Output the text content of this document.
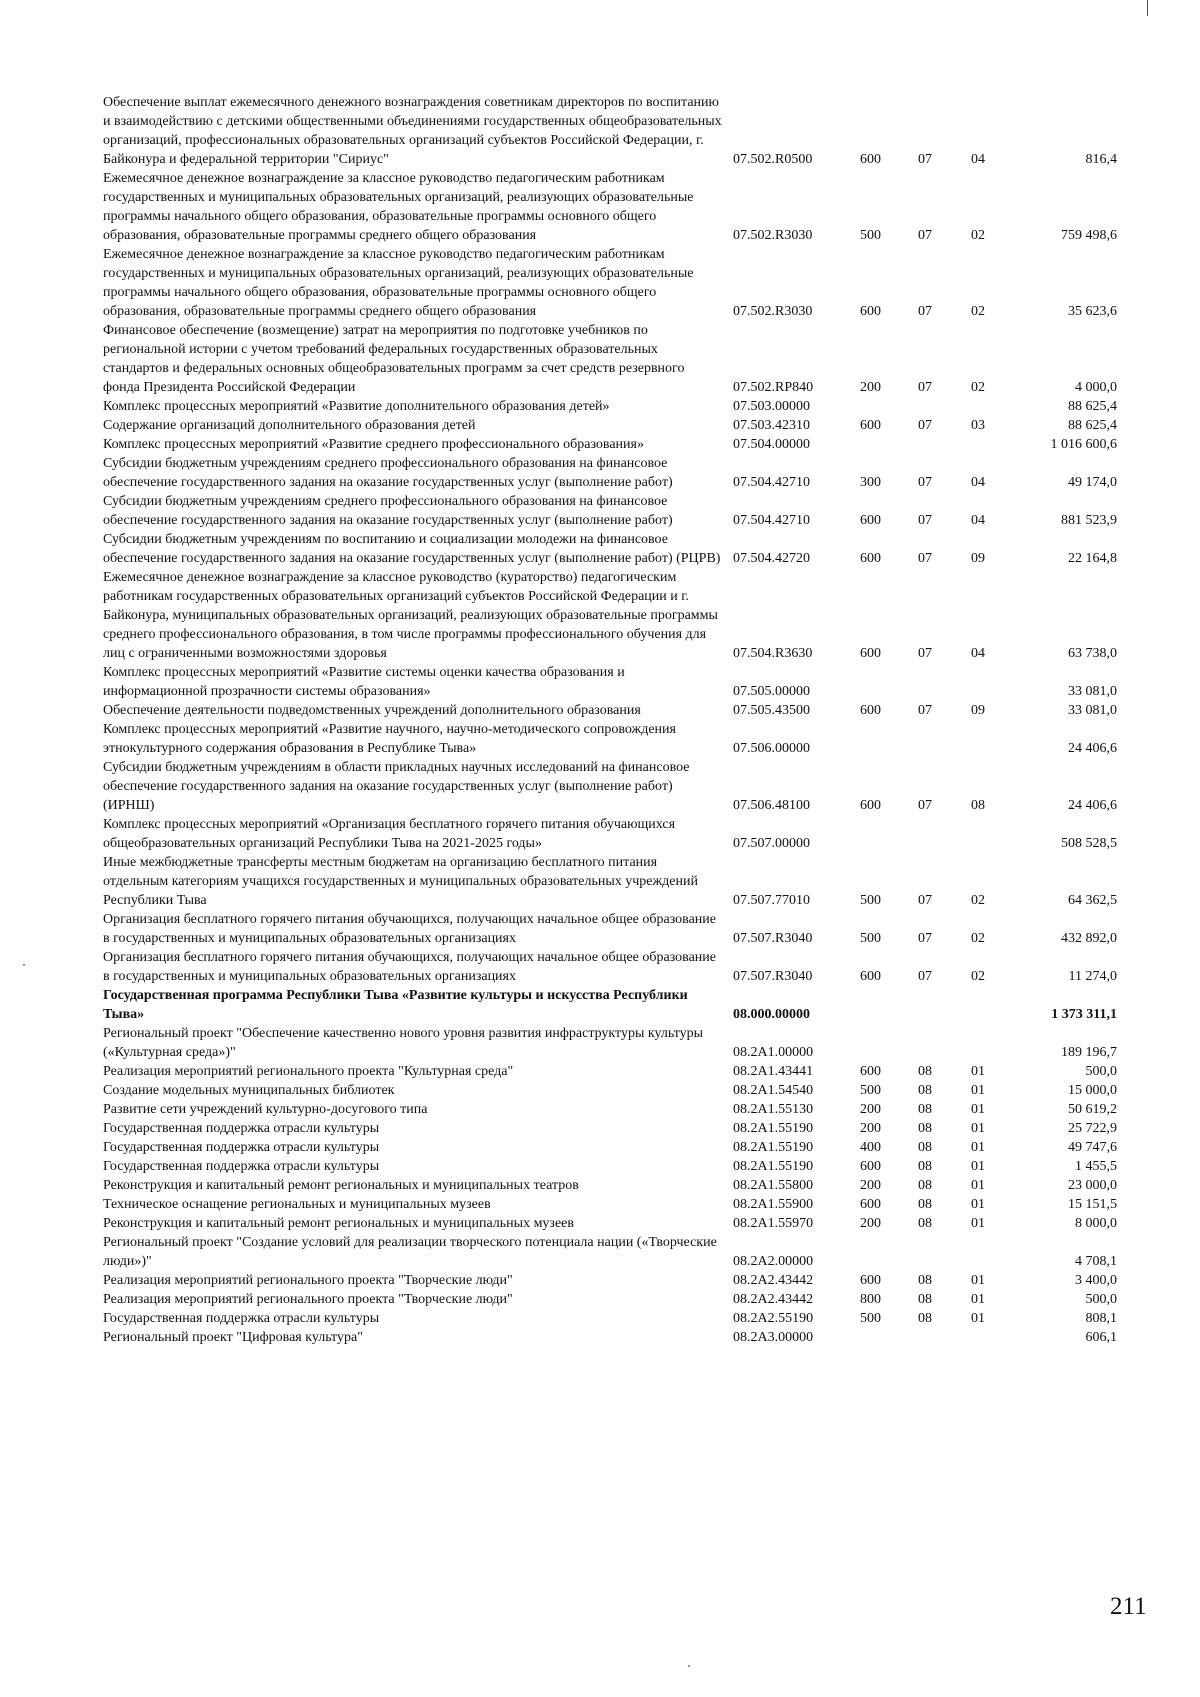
Обеспечение выплат ежемесячного денежного вознаграждения советникам директоров по воспитанию и взаимодействию с детскими общественными объединениями государственных общеобразовательных организаций, профессиональных образовательных организаций субъектов Российской Федерации, г. Байконура и федеральной территории "Сириус"	07.502.R0500	600	07	04	816,4
Ежемесячное денежное вознаграждение за классное руководство педагогическим работникам государственных и муниципальных образовательных организаций, реализующих образовательные программы начального общего образования, образовательные программы основного общего образования, образовательные программы среднего общего образования	07.502.R3030	500	07	02	759 498,6
Ежемесячное денежное вознаграждение за классное руководство педагогическим работникам государственных и муниципальных образовательных организаций, реализующих образовательные программы начального общего образования, образовательные программы основного общего образования, образовательные программы среднего общего образования	07.502.R3030	600	07	02	35 623,6
Финансовое обеспечение (возмещение) затрат на мероприятия по подготовке учебников по региональной истории с учетом требований федеральных государственных образовательных стандартов и федеральных основных общеобразовательных программ за счет средств резервного фонда Президента Российской Федерации	07.502.RP840	200	07	02	4 000,0
Комплекс процессных мероприятий «Развитие дополнительного образования детей»	07.503.00000				88 625,4
Содержание организаций дополнительного образования детей	07.503.42310	600	07	03	88 625,4
Комплекс процессных мероприятий «Развитие среднего профессионального образования»	07.504.00000				1 016 600,6
Субсидии бюджетным учреждениям среднего профессионального образования на финансовое обеспечение государственного задания на оказание государственных услуг (выполнение работ)	07.504.42710	300	07	04	49 174,0
Субсидии бюджетным учреждениям среднего профессионального образования на финансовое обеспечение государственного задания на оказание государственных услуг (выполнение работ)	07.504.42710	600	07	04	881 523,9
Субсидии бюджетным учреждениям по воспитанию и социализации молодежи на финансовое обеспечение государственного задания на оказание государственных услуг (выполнение работ) (РЦРВ)	07.504.42720	600	07	09	22 164,8
Ежемесячное денежное вознаграждение за классное руководство (кураторство) педагогическим работникам государственных образовательных организаций субъектов Российской Федерации и г. Байконура, муниципальных образовательных организаций, реализующих образовательные программы среднего профессионального образования, в том числе программы профессионального обучения для лиц с ограниченными возможностями здоровья	07.504.R3630	600	07	04	63 738,0
Комплекс процессных мероприятий «Развитие системы оценки качества образования и информационной прозрачности системы образования»	07.505.00000				33 081,0
Обеспечение деятельности подведомственных учреждений дополнительного образования	07.505.43500	600	07	09	33 081,0
Комплекс процессных мероприятий «Развитие научного, научно-методического сопровождения этнокультурного содержания образования в Республике Тыва»	07.506.00000				24 406,6
Субсидии бюджетным учреждениям в области прикладных научных исследований на финансовое обеспечение государственного задания на оказание государственных услуг (выполнение работ) (ИРНШ)	07.506.48100	600	07	08	24 406,6
Комплекс процессных мероприятий «Организация бесплатного горячего питания обучающихся общеобразовательных организаций Республики Тыва на 2021-2025 годы»	07.507.00000				508 528,5
Иные межбюджетные трансферты местным бюджетам на организацию бесплатного питания отдельным категориям учащихся государственных и муниципальных образовательных учреждений Республики Тыва	07.507.77010	500	07	02	64 362,5
Организация бесплатного горячего питания обучающихся, получающих начальное общее образование в государственных и муниципальных образовательных организациях	07.507.R3040	500	07	02	432 892,0
Организация бесплатного горячего питания обучающихся, получающих начальное общее образование в государственных и муниципальных образовательных организациях	07.507.R3040	600	07	02	11 274,0
Государственная программа Республики Тыва «Развитие культуры и искусства Республики Тыва»	08.000.00000				1 373 311,1
Региональный проект "Обеспечение качественно нового уровня развития инфраструктуры культуры («Культурная среда»)"	08.2A1.00000				189 196,7
Реализация мероприятий регионального проекта "Культурная среда"	08.2A1.43441	600	08	01	500,0
Создание модельных муниципальных библиотек	08.2A1.54540	500	08	01	15 000,0
Развитие сети учреждений культурно-досугового типа	08.2A1.55130	200	08	01	50 619,2
Государственная поддержка отрасли культуры	08.2A1.55190	200	08	01	25 722,9
Государственная поддержка отрасли культуры	08.2A1.55190	400	08	01	49 747,6
Государственная поддержка отрасли культуры	08.2A1.55190	600	08	01	1 455,5
Реконструкция и капитальный ремонт региональных и муниципальных театров	08.2A1.55800	200	08	01	23 000,0
Техническое оснащение региональных и муниципальных музеев	08.2A1.55900	600	08	01	15 151,5
Реконструкция и капитальный ремонт региональных и муниципальных музеев	08.2A1.55970	200	08	01	8 000,0
Региональный проект "Создание условий для реализации творческого потенциала нации («Творческие люди»)"	08.2A2.00000				4 708,1
Реализация мероприятий регионального проекта "Творческие люди"	08.2A2.43442	600	08	01	3 400,0
Реализация мероприятий регионального проекта "Творческие люди"	08.2A2.43442	800	08	01	500,0
Государственная поддержка отрасли культуры	08.2A2.55190	500	08	01	808,1
Региональный проект "Цифровая культура"	08.2A3.00000				606,1
211
